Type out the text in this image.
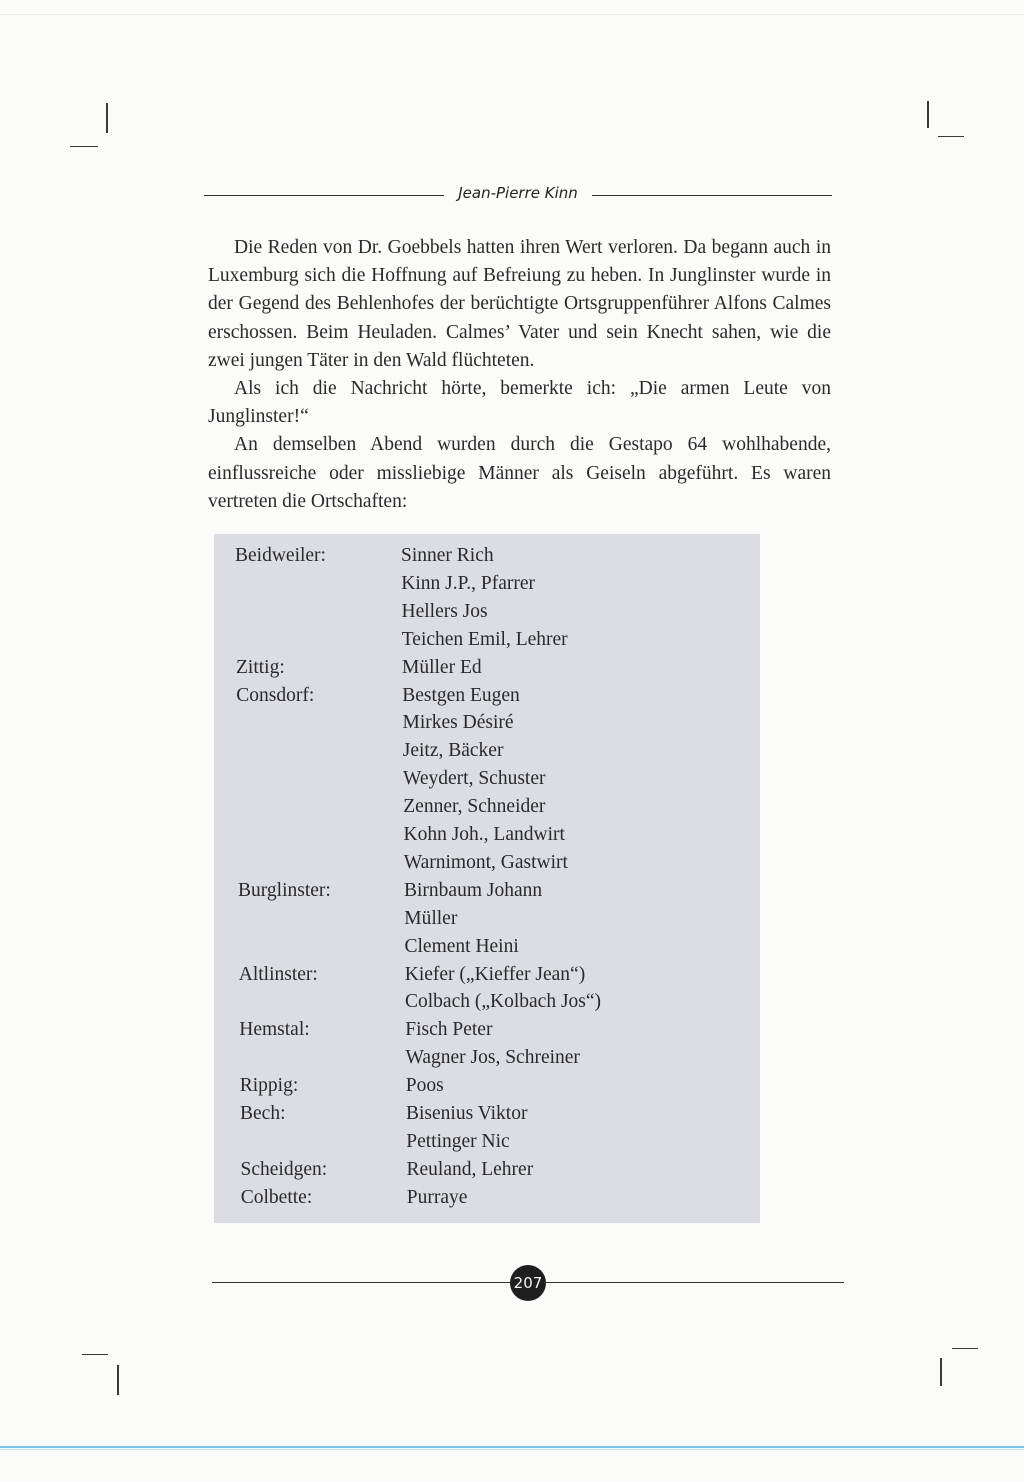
Jean-Pierre Kinn

Die Reden von Dr. Goebbels hatten ihren Wert verloren. Da begann auch in Luxemburg sich die Hoffnung auf Befreiung zu heben. In Junglinster wurde in der Gegend des Behlenhofes der berüchtigte Ortsgruppenführer Alfons Calmes erschossen. Beim Heuladen. Calmes’ Vater und sein Knecht sahen, wie die zwei jungen Täter in den Wald flüchteten.

Als ich die Nachricht hörte, bemerkte ich: „Die armen Leute von Junglinster!“

An demselben Abend wurden durch die Gestapo 64 wohlhabende, einflussreiche oder missliebige Männer als Geiseln abgeführt. Es waren vertreten die Ortschaften:

Beidweiler:	Sinner Rich
Kinn J.P., Pfarrer
Hellers Jos
Teichen Emil, Lehrer
Zittig:	Müller Ed
Consdorf:	Bestgen Eugen
Mirkes Désiré
Jeitz, Bäcker
Weydert, Schuster
Zenner, Schneider
Kohn Joh., Landwirt
Warnimont, Gastwirt
Burglinster:	Birnbaum Johann
Müller
Clement Heini
Altlinster:	Kiefer („Kieffer Jean“)
Colbach („Kolbach Jos“)
Hemstal:	Fisch Peter
Wagner Jos, Schreiner
Rippig:	Poos
Bech:	Bisenius Viktor
Pettinger Nic
Scheidgen:	Reuland, Lehrer
Colbette:	Purraye
207
